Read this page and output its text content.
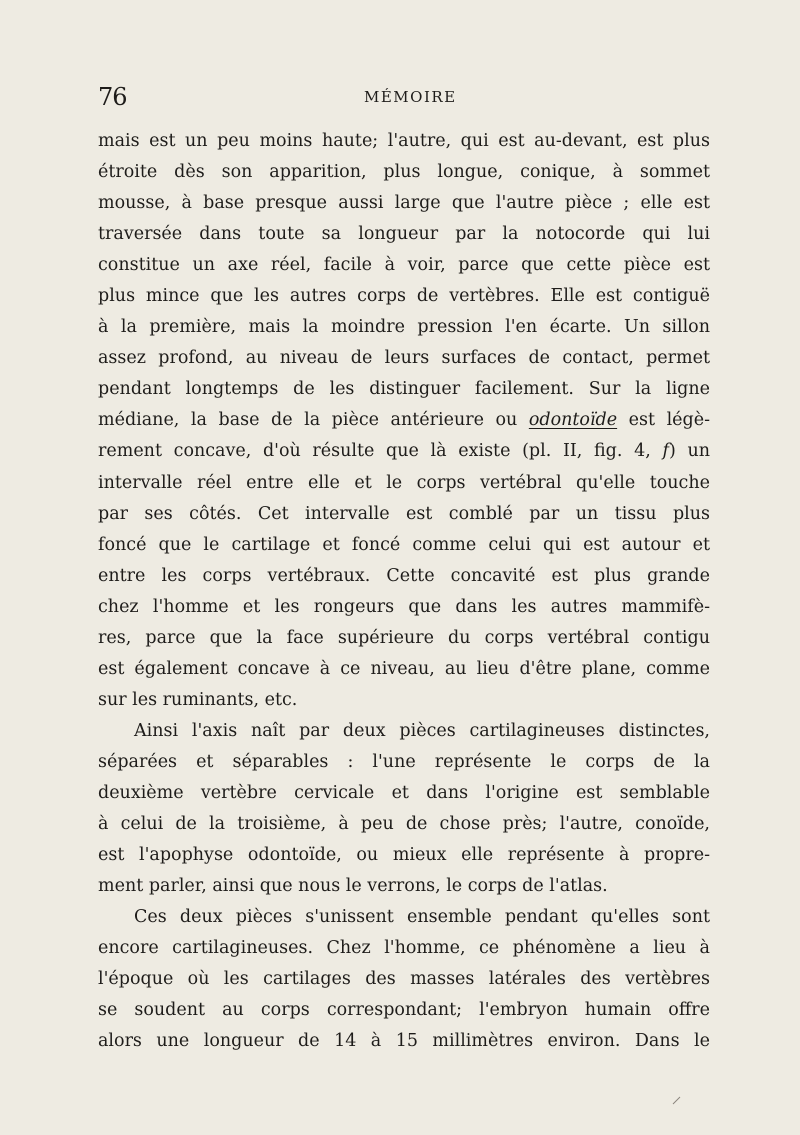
76	MÉMOIRE
mais est un peu moins haute; l'autre, qui est au-devant, est plus
étroite dès son apparition, plus longue, conique, à sommet
mousse, à base presque aussi large que l'autre pièce ; elle est
traversée dans toute sa longueur par la notocorde qui lui
constitue un axe réel, facile à voir, parce que cette pièce est
plus mince que les autres corps de vertèbres. Elle est contiguë
à la première, mais la moindre pression l'en écarte. Un sillon
assez profond, au niveau de leurs surfaces de contact, permet
pendant longtemps de les distinguer facilement. Sur la ligne
médiane, la base de la pièce antérieure ou odontoïde est légè-
rement concave, d'où résulte que là existe (pl. II, fig. 4, f) un
intervalle réel entre elle et le corps vertébral qu'elle touche
par ses côtés. Cet intervalle est comblé par un tissu plus
foncé que le cartilage et foncé comme celui qui est autour et
entre les corps vertébraux. Cette concavité est plus grande
chez l'homme et les rongeurs que dans les autres mammifè-
res, parce que la face supérieure du corps vertébral contigu
est également concave à ce niveau, au lieu d'être plane, comme
sur les ruminants, etc.
Ainsi l'axis naît par deux pièces cartilagineuses distinctes,
séparées et séparables : l'une représente le corps de la
deuxième vertèbre cervicale et dans l'origine est semblable
à celui de la troisième, à peu de chose près; l'autre, conoïde,
est l'apophyse odontoïde, ou mieux elle représente à propre-
ment parler, ainsi que nous le verrons, le corps de l'atlas.
Ces deux pièces s'unissent ensemble pendant qu'elles sont
encore cartilagineuses. Chez l'homme, ce phénomène a lieu à
l'époque où les cartilages des masses latérales des vertèbres
se soudent au corps correspondant; l'embryon humain offre
alors une longueur de 14 à 15 millimètres environ. Dans le
